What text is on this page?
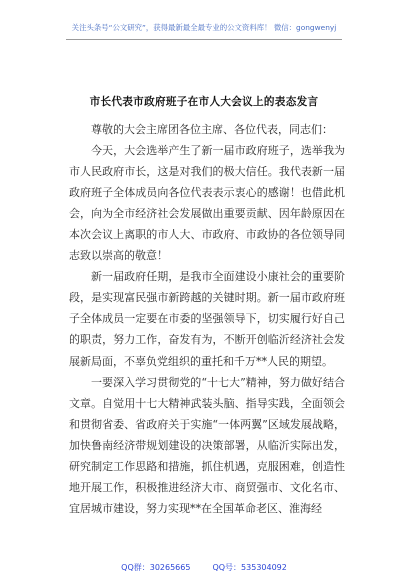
关注头条号“公文研究”，获得最新最全最专业的公文资料库！ 微信：gongwenyj
市长代表市政府班子在市人大会议上的表态发言

尊敬的大会主席团各位主席、各位代表，同志们：

今天，大会选举产生了新一届市政府班子，选举我为市人民政府市长，这是对我们的极大信任。我代表新一届政府班子全体成员向各位代表表示衷心的感谢！也借此机会，向为全市经济社会发展做出重要贡献、因年龄原因在本次会议上离职的市人大、市政府、市政协的各位领导同志致以崇高的敬意！

新一届政府任期，是我市全面建设小康社会的重要阶段，是实现富民强市新跨越的关键时期。新一届市政府班子全体成员一定要在市委的坚强领导下，切实履行好自己的职责，努力工作，奋发有为，不断开创临沂经济社会发展新局面，不辜负党组织的重托和千万**人民的期望。

一要深入学习贯彻党的“十七大”精神，努力做好结合文章。自觉用十七大精神武装头脑、指导实践，全面领会和贯彻省委、省政府关于实施“一体两翼”区域发展战略，加快鲁南经济带规划建设的决策部署，从临沂实际出发，研究制定工作思路和措施，抓住机遇，克服困难，创造性地开展工作，积极推进经济大市、商贸强市、文化名市、宜居城市建设，努力实现**在全国革命老区、淮海经

QQ群：30265665	QQ号：535304092
